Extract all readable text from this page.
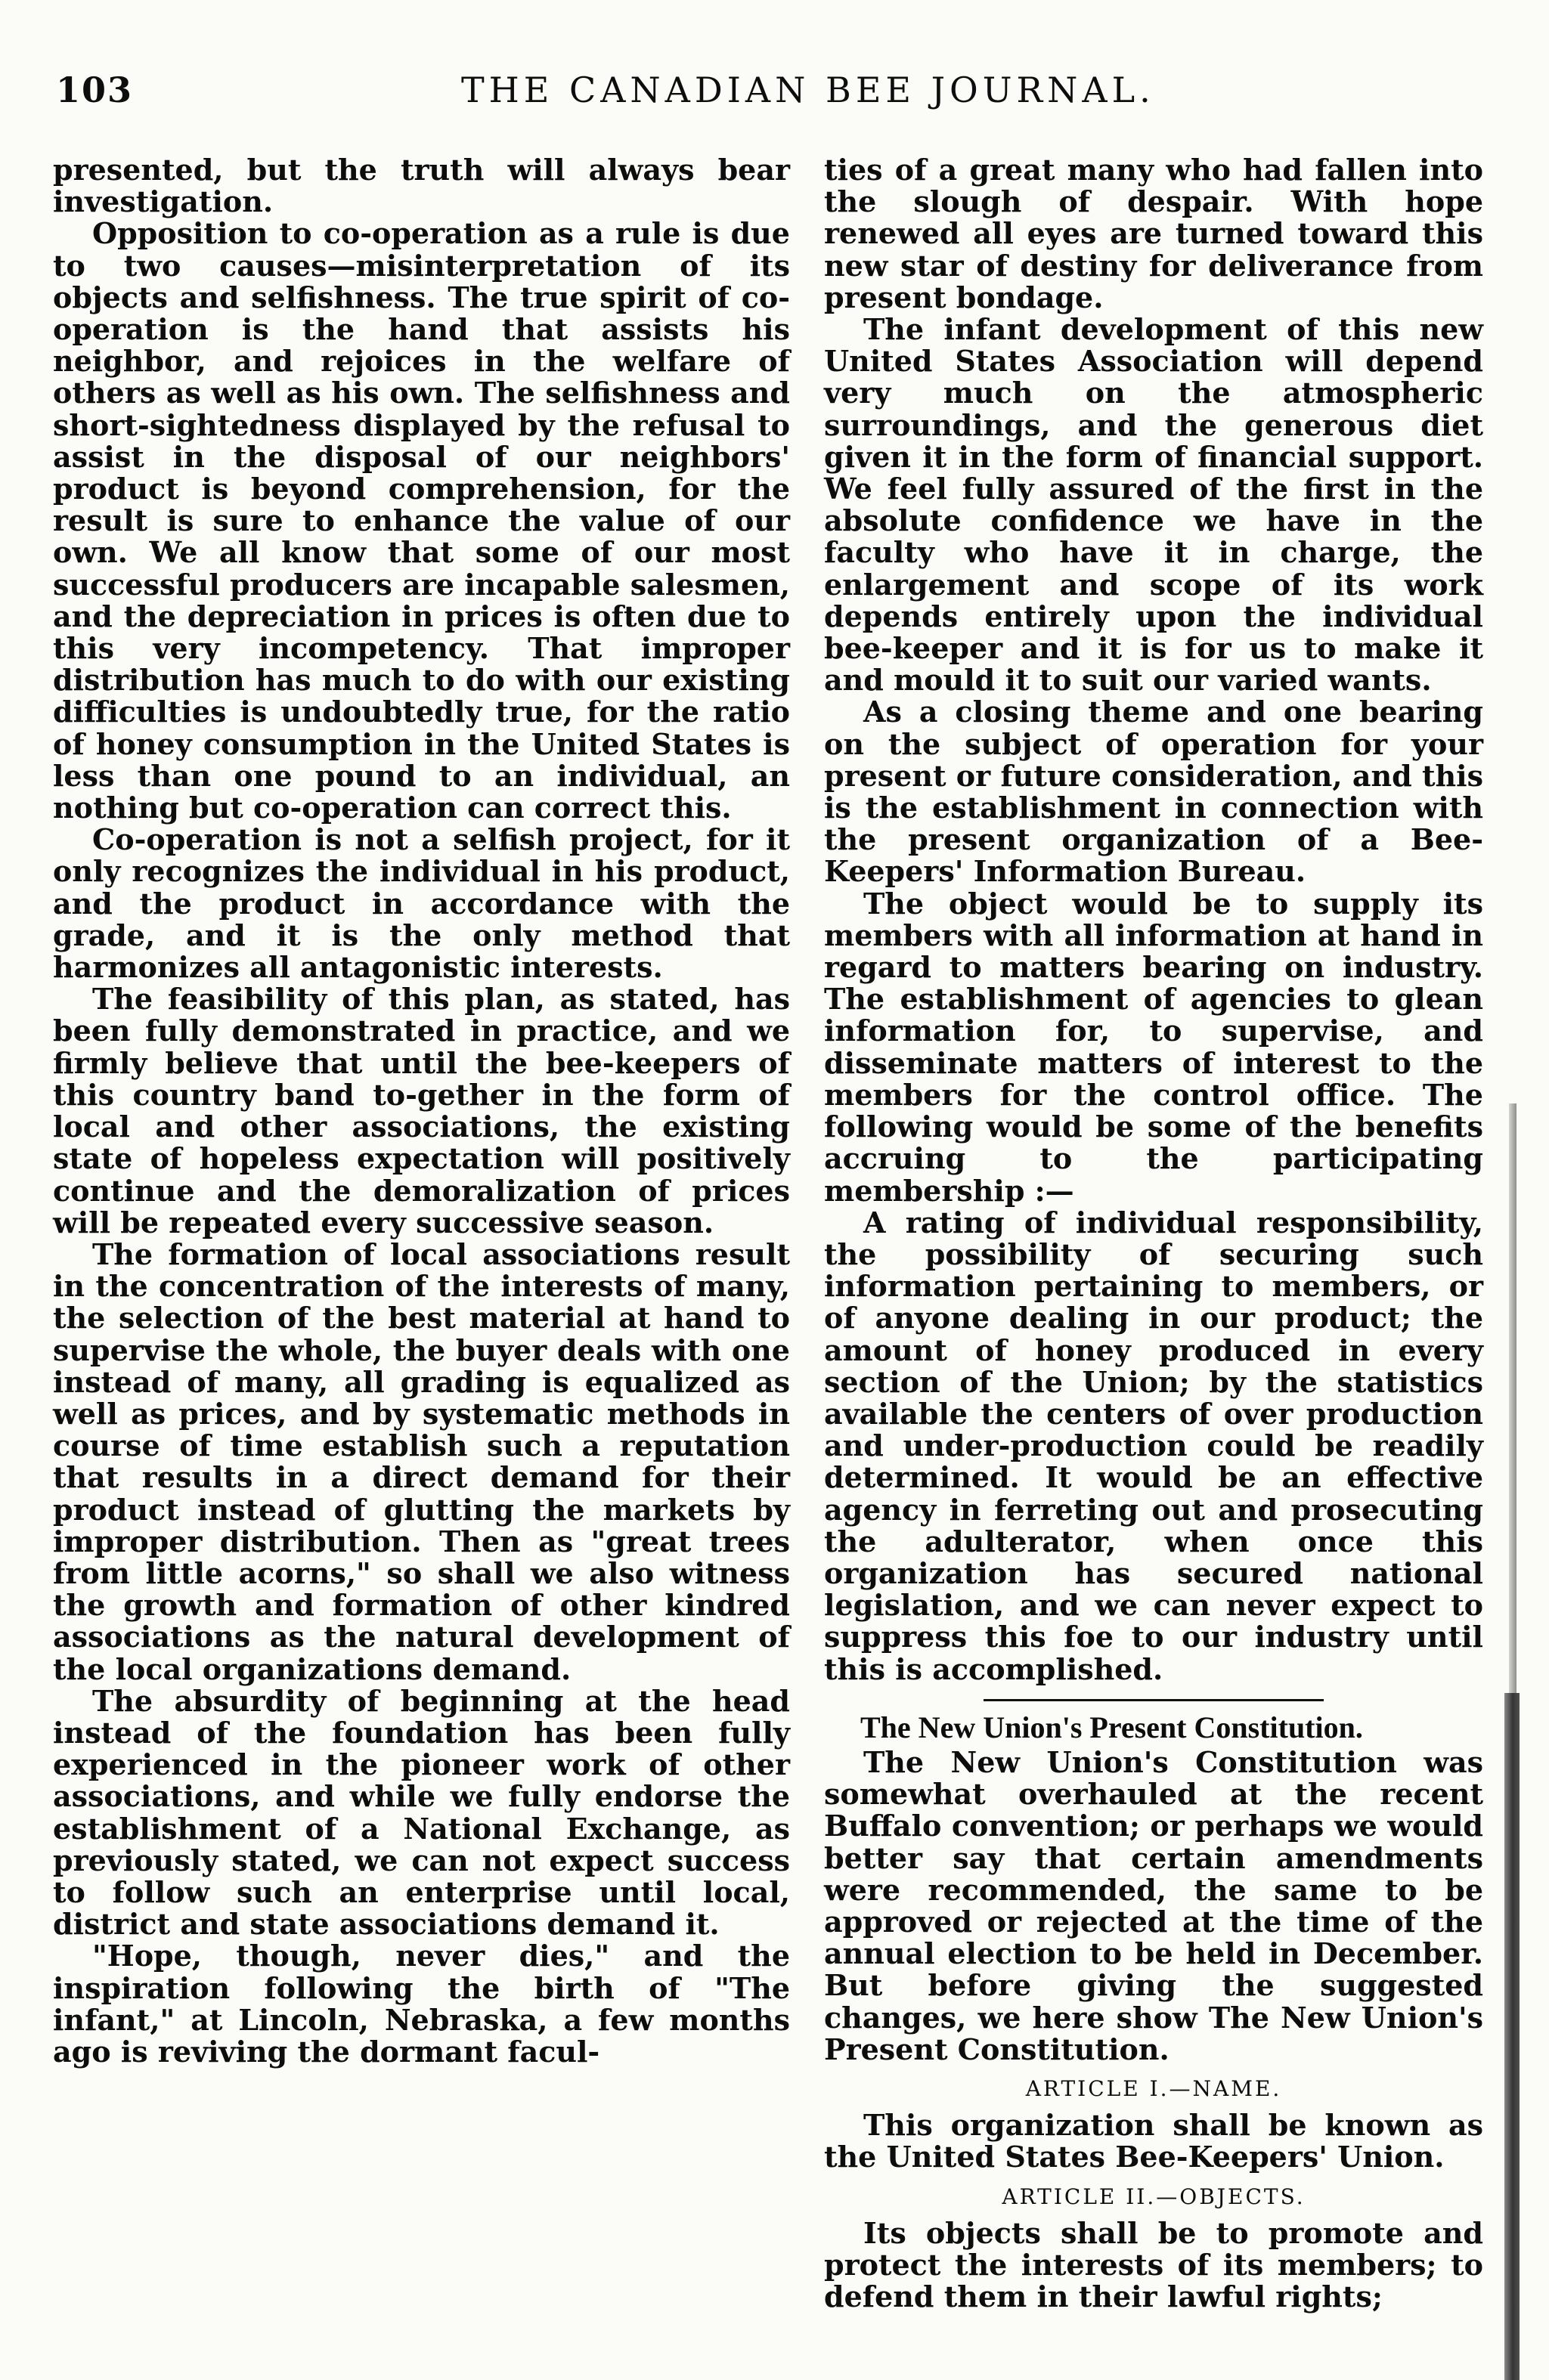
103	THE CANADIAN BEE JOURNAL.

presented, but the truth will always bear investigation.

Opposition to co-operation as a rule is due to two causes—misinterpretation of its objects and selfishness. The true spirit of co-operation is the hand that assists his neighbor, and rejoices in the welfare of others as well as his own. The selfishness and short-sightedness displayed by the refusal to assist in the disposal of our neighbors' product is beyond comprehension, for the result is sure to enhance the value of our own. We all know that some of our most successful producers are incapable salesmen, and the depreciation in prices is often due to this very incompetency. That improper distribution has much to do with our existing difficulties is undoubtedly true, for the ratio of honey consumption in the United States is less than one pound to an individual, an nothing but co-operation can correct this.

Co-operation is not a selfish project, for it only recognizes the individual in his product, and the product in accordance with the grade, and it is the only method that harmonizes all antagonistic interests.

The feasibility of this plan, as stated, has been fully demonstrated in practice, and we firmly believe that until the bee-keepers of this country band to-gether in the form of local and other associations, the existing state of hopeless expectation will positively continue and the demoralization of prices will be repeated every successive season.

The formation of local associations result in the concentration of the interests of many, the selection of the best material at hand to supervise the whole, the buyer deals with one instead of many, all grading is equalized as well as prices, and by systematic methods in course of time establish such a reputation that results in a direct demand for their product instead of glutting the markets by improper distribution. Then as "great trees from little acorns," so shall we also witness the growth and formation of other kindred associations as the natural development of the local organizations demand.

The absurdity of beginning at the head instead of the foundation has been fully experienced in the pioneer work of other associations, and while we fully endorse the establishment of a National Exchange, as previously stated, we can not expect success to follow such an enterprise until local, district and state associations demand it.

"Hope, though, never dies," and the inspiration following the birth of "The infant," at Lincoln, Nebraska, a few months ago is reviving the dormant facul-

ties of a great many who had fallen into the slough of despair. With hope renewed all eyes are turned toward this new star of destiny for deliverance from present bondage.

The infant development of this new United States Association will depend very much on the atmospheric surroundings, and the generous diet given it in the form of financial support. We feel fully assured of the first in the absolute confidence we have in the faculty who have it in charge, the enlargement and scope of its work depends entirely upon the individual bee-keeper and it is for us to make it and mould it to suit our varied wants.

As a closing theme and one bearing on the subject of operation for your present or future consideration, and this is the establishment in connection with the present organization of a Bee-Keepers' Information Bureau.

The object would be to supply its members with all information at hand in regard to matters bearing on industry. The establishment of agencies to glean information for, to supervise, and disseminate matters of interest to the members for the control office. The following would be some of the benefits accruing to the participating membership :—

A rating of individual responsibility, the possibility of securing such information pertaining to members, or of anyone dealing in our product; the amount of honey produced in every section of the Union; by the statistics available the centers of over production and under-production could be readily determined. It would be an effective agency in ferreting out and prosecuting the adulterator, when once this organization has secured national legislation, and we can never expect to suppress this foe to our industry until this is accomplished.

The New Union's Present Constitution.

The New Union's Constitution was somewhat overhauled at the recent Buffalo convention; or perhaps we would better say that certain amendments were recommended, the same to be approved or rejected at the time of the annual election to be held in December. But before giving the suggested changes, we here show The New Union's Present Constitution.

ARTICLE I.—NAME.

This organization shall be known as the United States Bee-Keepers' Union.

ARTICLE II.—OBJECTS.

Its objects shall be to promote and protect the interests of its members; to defend them in their lawful rights;
